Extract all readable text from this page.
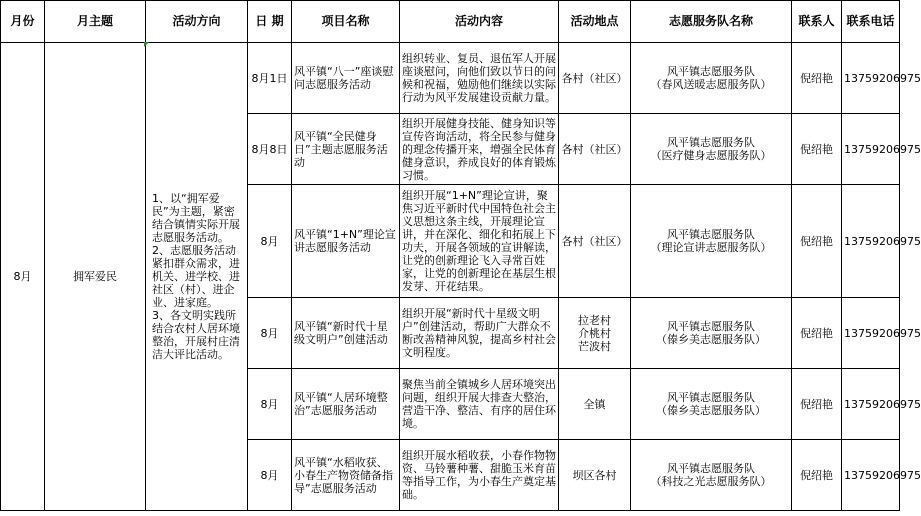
月份	月主题	活动方向	日 期	项目名称	活动内容	活动地点	志愿服务队名称	联系人	联系电话
8月	拥军爱民	1、以“拥军爱民”为主题，紧密结合镇情实际开展志愿服务活动。
2、志愿服务活动紧扣群众需求，进机关、进学校、进社区（村）、进企业、进家庭。
3、各文明实践所结合农村人居环境整治，开展村庄清洁大评比活动。	8月1日	风平镇“八一”座谈慰问志愿服务活动	组织转业、复员、退伍军人开展座谈慰问，向他们致以节日的问候和祝福，勉励他们继续以实际行动为风平发展建设贡献力量。	各村（社区）	风平镇志愿服务队
（春风送暖志愿服务队）	倪绍艳	13759206975
			8月8日	风平镇“全民健身日”主题志愿服务活动	组织开展健身技能、健身知识等宣传咨询活动，将全民参与健身的理念传播开来，增强全民体育健身意识，养成良好的体育锻炼习惯。	各村（社区）	风平镇志愿服务队
（医疗健身志愿服务队）	倪绍艳	13759206975
			8月	风平镇“1+N”理论宣讲志愿服务活动	组织开展“1+N”理论宣讲，聚焦习近平新时代中国特色社会主义思想这条主线，开展理论宣讲，并在深化、细化和拓展上下功夫，开展各领域的宣讲解读，让党的创新理论飞入寻常百姓家，让党的创新理论在基层生根发芽、开花结果。	各村（社区）	风平镇志愿服务队
（理论宣讲志愿服务队）	倪绍艳	13759206975
			8月	风平镇“新时代十星级文明户”创建活动	组织开展“新时代十星级文明户”创建活动，帮助广大群众不断改善精神风貌，提高乡村社会文明程度。	拉老村
介桃村
芒波村	风平镇志愿服务队
（傣乡美志愿服务队）	倪绍艳	13759206975
			8月	风平镇“人居环境整治”志愿服务活动	聚焦当前全镇城乡人居环境突出问题，组织开展大排查大整治，营造干净、整洁、有序的居住环境。	全镇	风平镇志愿服务队
（傣乡美志愿服务队）	倪绍艳	13759206975
			8月	风平镇“水稻收获、小春生产物资储备指导”志愿服务活动	组织开展水稻收获，小春作物物资、马铃薯种薯、甜脆玉米育苗等指导工作，为小春生产奠定基础。	坝区各村	风平镇志愿服务队
（科技之光志愿服务队）	倪绍艳	13759206975
